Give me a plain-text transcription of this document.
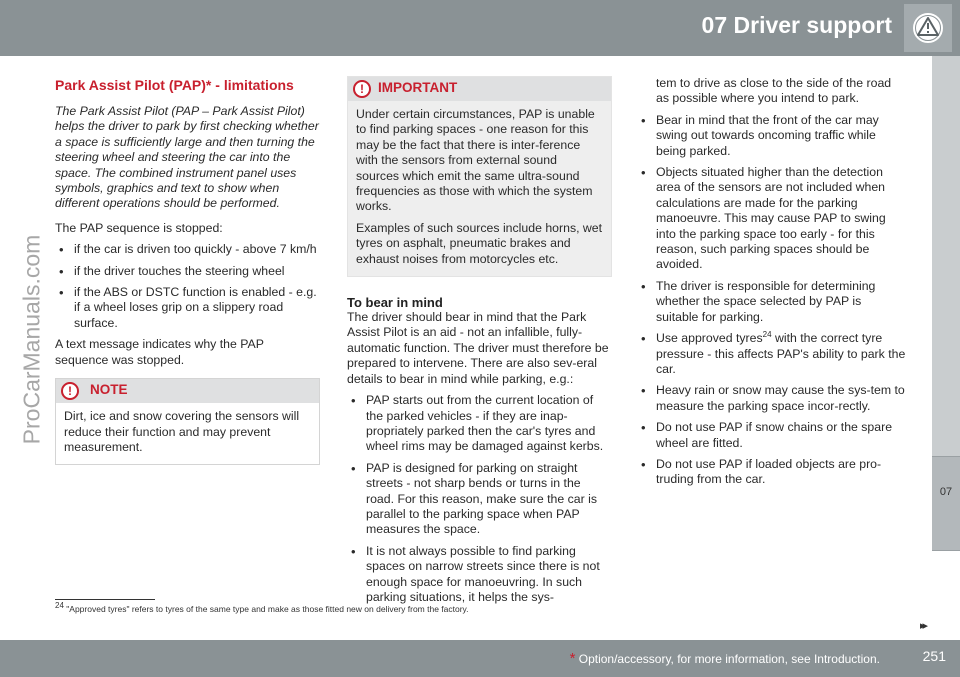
07 Driver support
ProCarManuals.com
07
Park Assist Pilot (PAP)* - limitations

The Park Assist Pilot (PAP – Park Assist Pilot) helps the driver to park by first checking whether a space is sufficiently large and then turning the steering wheel and steering the car into the space. The combined instrument panel uses symbols, graphics and text to show when different operations should be performed.

The PAP sequence is stopped:

• if the car is driven too quickly - above 7 km/h
• if the driver touches the steering wheel
• if the ABS or DSTC function is enabled - e.g. if a wheel loses grip on a slippery road surface.

A text message indicates why the PAP sequence was stopped.

!	NOTE
Dirt, ice and snow covering the sensors will reduce their function and may prevent measurement.
!	IMPORTANT

Under certain circumstances, PAP is unable to find parking spaces - one reason for this may be the fact that there is inter-ference with the sensors from external sound sources which emit the same ultra-sound frequencies as those with which the system works.

Examples of such sources include horns, wet tyres on asphalt, pneumatic brakes and exhaust noises from motorcycles etc.

To bear in mind

The driver should bear in mind that the Park Assist Pilot is an aid - not an infallible, fully-automatic function. The driver must therefore be prepared to intervene. There are also sev-eral details to bear in mind while parking, e.g.:

• PAP starts out from the current location of the parked vehicles - if they are inap-propriately parked then the car's tyres and wheel rims may be damaged against kerbs.
• PAP is designed for parking on straight streets - not sharp bends or turns in the road. For this reason, make sure the car is parallel to the parking space when PAP measures the space.
• It is not always possible to find parking spaces on narrow streets since there is not enough space for manoeuvring. In such parking situations, it helps the sys-

tem to drive as close to the side of the road as possible where you intend to park.

• Bear in mind that the front of the car may swing out towards oncoming traffic while being parked.
• Objects situated higher than the detection area of the sensors are not included when calculations are made for the parking manoeuvre. This may cause PAP to swing into the parking space too early - for this reason, such parking spaces should be avoided.
• The driver is responsible for determining whether the space selected by PAP is suitable for parking.
• Use approved tyres$^{24}$ with the correct tyre pressure - this affects PAP's ability to park the car.
• Heavy rain or snow may cause the sys-tem to measure the parking space incor-rectly.
• Do not use PAP if snow chains or the spare wheel are fitted.
• Do not use PAP if loaded objects are pro-truding from the car.
$^{24}$ "Approved tyres" refers to tyres of the same type and make as those fitted new on delivery from the factory.
▸▸
* Option/accessory, for more information, see Introduction.	251
